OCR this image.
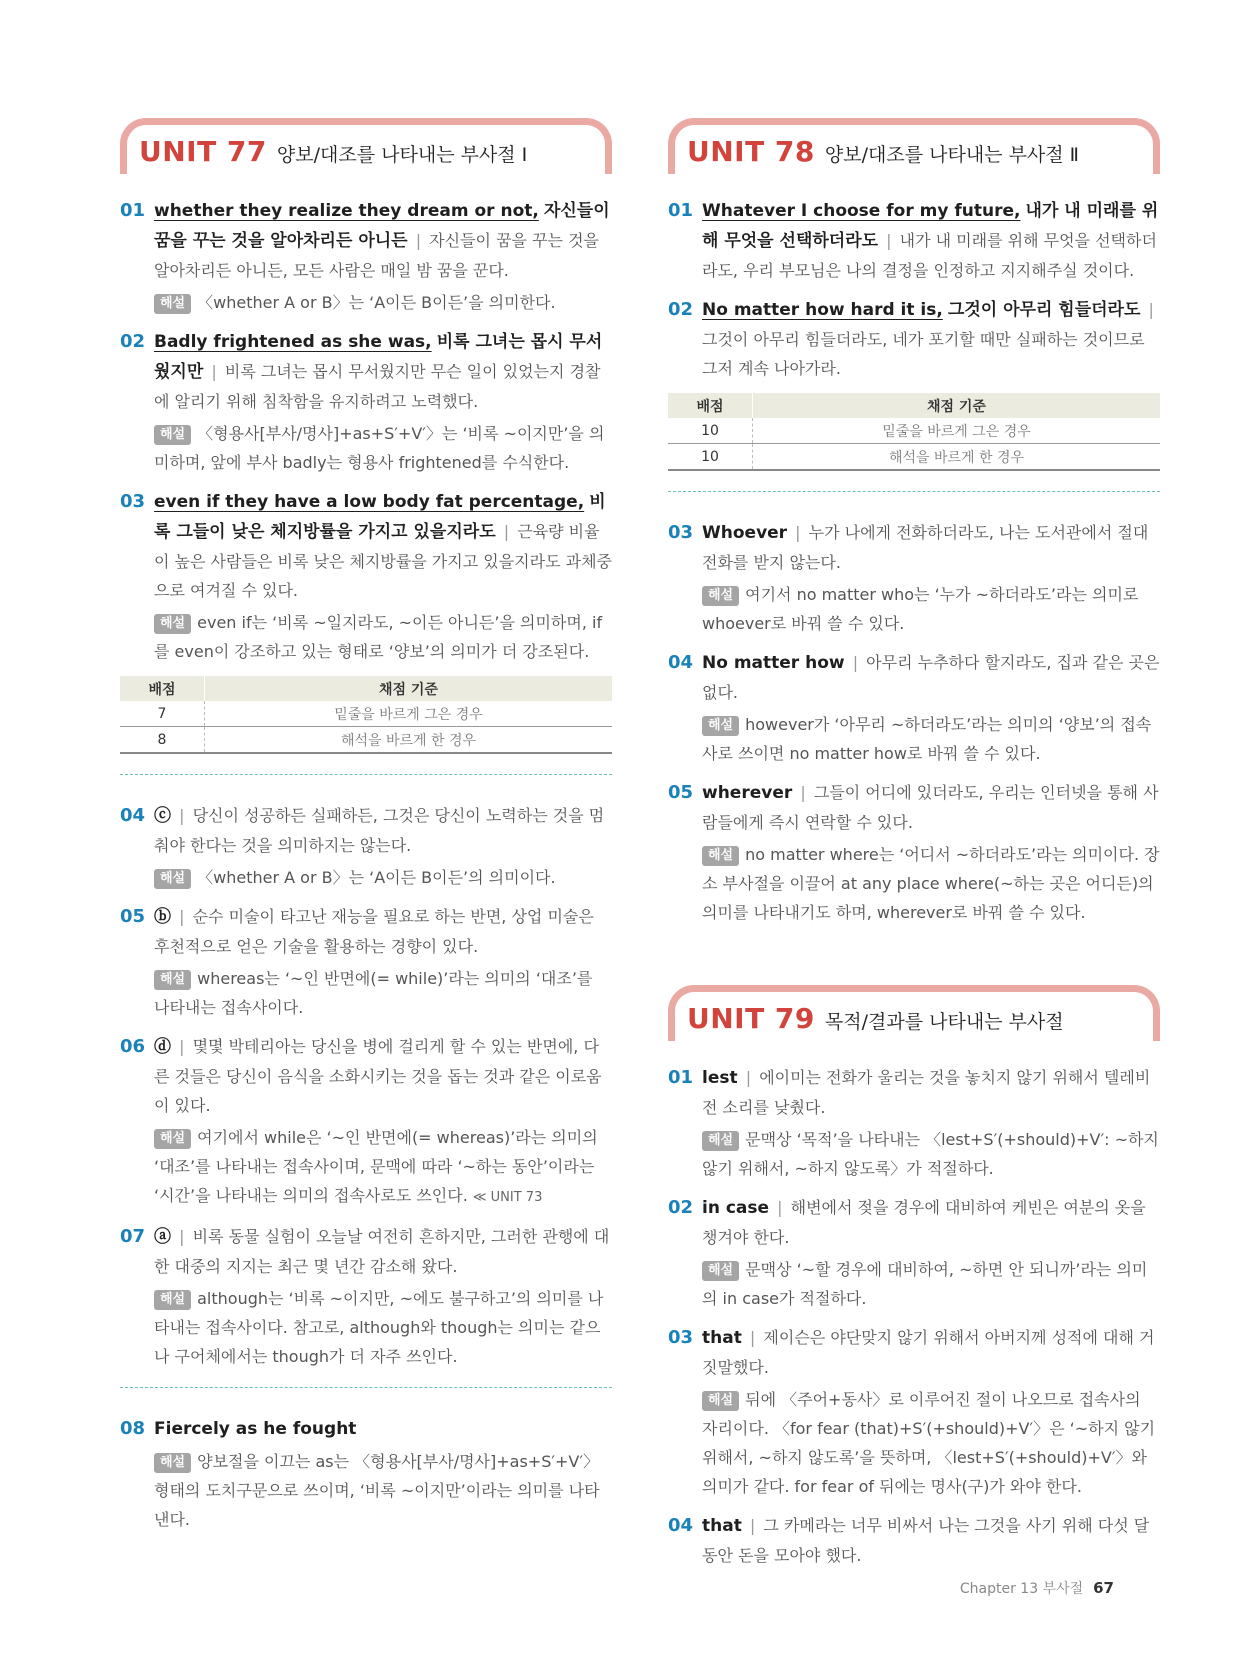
UNIT 77 양보/대조를 나타내는 부사절 Ⅰ
01 whether they realize they dream or not, 자신들이 꿈을 꾸는 것을 알아차리든 아니든 | 자신들이 꿈을 꾸는 것을 알아차리든 아니든, 모든 사람은 매일 밤 꿈을 꾼다.
해설 〈whether A or B〉는 ‘A이든 B이든’을 의미한다.
02 Badly frightened as she was, 비록 그녀는 몹시 무서웠지만 | 비록 그녀는 몹시 무서웠지만 무슨 일이 있었는지 경찰에 알리기 위해 침착함을 유지하려고 노력했다.
해설 〈형용사[부사/명사]+as+S′+V′〉는 ‘비록 ~이지만’을 의미하며, 앞에 부사 badly는 형용사 frightened를 수식한다.
03 even if they have a low body fat percentage, 비록 그들이 낮은 체지방률을 가지고 있을지라도 | 근육량 비율이 높은 사람들은 비록 낮은 체지방률을 가지고 있을지라도 과체중으로 여겨질 수 있다.
해설 even if는 ‘비록 ~일지라도, ~이든 아니든’을 의미하며, if를 even이 강조하고 있는 형태로 ‘양보’의 의미가 더 강조된다.
배점	채점 기준
7	밑줄을 바르게 그은 경우
8	해석을 바르게 한 경우
04 ⓒ | 당신이 성공하든 실패하든, 그것은 당신이 노력하는 것을 멈춰야 한다는 것을 의미하지는 않는다.
해설 〈whether A or B〉는 ‘A이든 B이든’의 의미이다.
05 ⓑ | 순수 미술이 타고난 재능을 필요로 하는 반면, 상업 미술은 후천적으로 얻은 기술을 활용하는 경향이 있다.
해설 whereas는 ‘~인 반면에(= while)’라는 의미의 ‘대조’를 나타내는 접속사이다.
06 ⓓ | 몇몇 박테리아는 당신을 병에 걸리게 할 수 있는 반면에, 다른 것들은 당신이 음식을 소화시키는 것을 돕는 것과 같은 이로움이 있다.
해설 여기에서 while은 ‘~인 반면에(= whereas)’라는 의미의 ‘대조’를 나타내는 접속사이며, 문맥에 따라 ‘~하는 동안’이라는 ‘시간’을 나타내는 의미의 접속사로도 쓰인다. ≪ UNIT 73
07 ⓐ | 비록 동물 실험이 오늘날 여전히 흔하지만, 그러한 관행에 대한 대중의 지지는 최근 몇 년간 감소해 왔다.
해설 although는 ‘비록 ~이지만, ~에도 불구하고’의 의미를 나타내는 접속사이다. 참고로, although와 though는 의미는 같으나 구어체에서는 though가 더 자주 쓰인다.
08 Fiercely as he fought
해설 양보절을 이끄는 as는 〈형용사[부사/명사]+as+S′+V′〉 형태의 도치구문으로 쓰이며, ‘비록 ~이지만’이라는 의미를 나타낸다.
UNIT 78 양보/대조를 나타내는 부사절 Ⅱ
01 Whatever I choose for my future, 내가 내 미래를 위해 무엇을 선택하더라도 | 내가 내 미래를 위해 무엇을 선택하더라도, 우리 부모님은 나의 결정을 인정하고 지지해주실 것이다.
02 No matter how hard it is, 그것이 아무리 힘들더라도 | 그것이 아무리 힘들더라도, 네가 포기할 때만 실패하는 것이므로 그저 계속 나아가라.
배점	채점 기준
10	밑줄을 바르게 그은 경우
10	해석을 바르게 한 경우
03 Whoever | 누가 나에게 전화하더라도, 나는 도서관에서 절대 전화를 받지 않는다.
해설 여기서 no matter who는 ‘누가 ~하더라도’라는 의미로 whoever로 바꿔 쓸 수 있다.
04 No matter how | 아무리 누추하다 할지라도, 집과 같은 곳은 없다.
해설 however가 ‘아무리 ~하더라도’라는 의미의 ‘양보’의 접속사로 쓰이면 no matter how로 바꿔 쓸 수 있다.
05 wherever | 그들이 어디에 있더라도, 우리는 인터넷을 통해 사람들에게 즉시 연락할 수 있다.
해설 no matter where는 ‘어디서 ~하더라도’라는 의미이다. 장소 부사절을 이끌어 at any place where(~하는 곳은 어디든)의 의미를 나타내기도 하며, wherever로 바꿔 쓸 수 있다.
UNIT 79 목적/결과를 나타내는 부사절
01 lest | 에이미는 전화가 울리는 것을 놓치지 않기 위해서 텔레비전 소리를 낮췄다.
해설 문맥상 ‘목적’을 나타내는 〈lest+S′(+should)+V′: ~하지 않기 위해서, ~하지 않도록〉가 적절하다.
02 in case | 해변에서 젖을 경우에 대비하여 케빈은 여분의 옷을 챙겨야 한다.
해설 문맥상 ‘~할 경우에 대비하여, ~하면 안 되니까’라는 의미의 in case가 적절하다.
03 that | 제이슨은 야단맞지 않기 위해서 아버지께 성적에 대해 거짓말했다.
해설 뒤에 〈주어+동사〉로 이루어진 절이 나오므로 접속사의 자리이다. 〈for fear (that)+S′(+should)+V′〉은 ‘~하지 않기 위해서, ~하지 않도록’을 뜻하며, 〈lest+S′(+should)+V′〉와 의미가 같다. for fear of 뒤에는 명사(구)가 와야 한다.
04 that | 그 카메라는 너무 비싸서 나는 그것을 사기 위해 다섯 달 동안 돈을 모아야 했다.
Chapter 13 부사절 67
